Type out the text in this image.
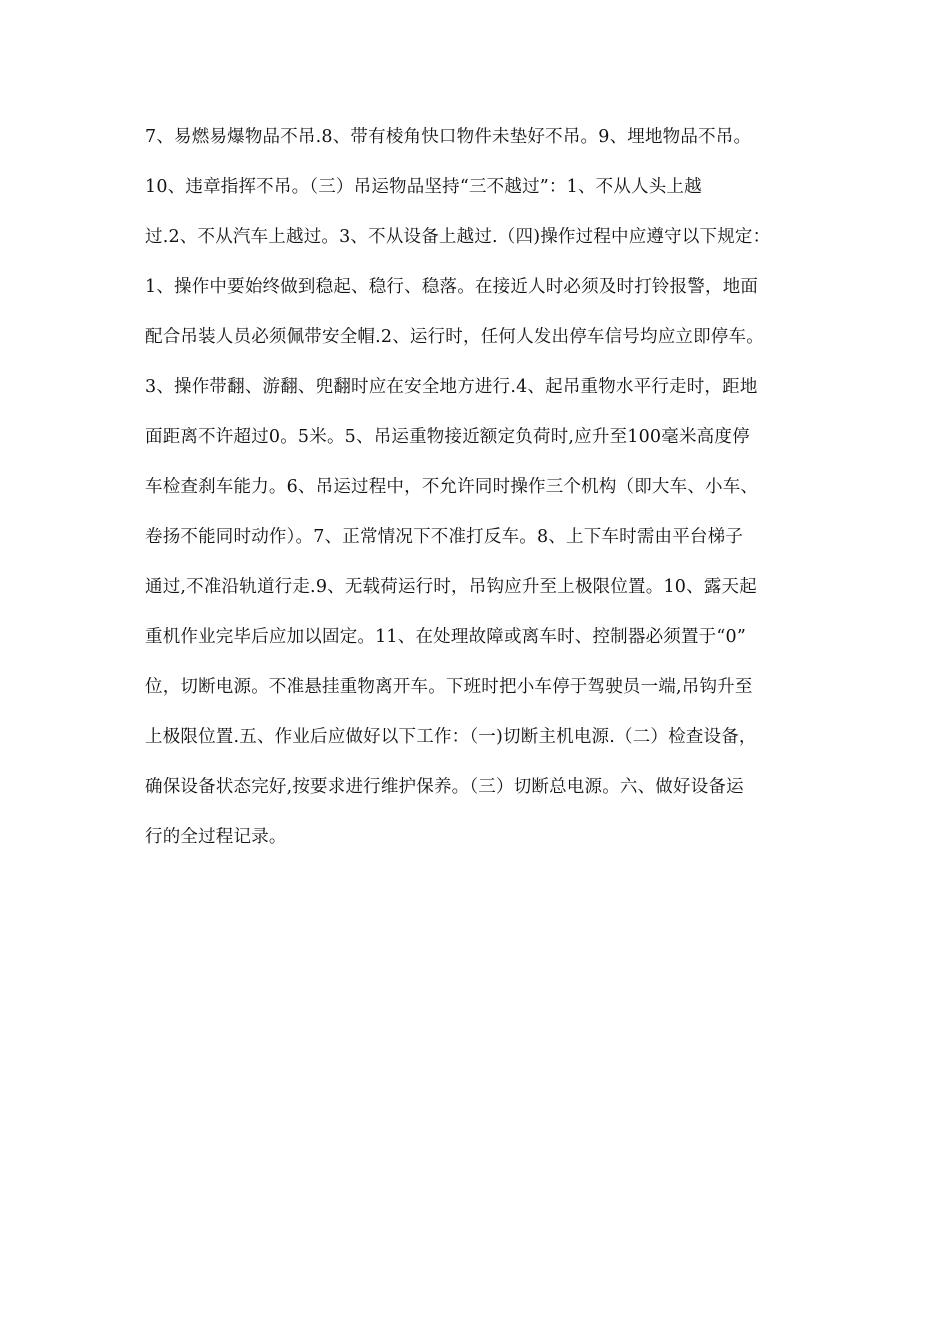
7、易燃易爆物品不吊.8、带有棱角快口物件未垫好不吊。9、埋地物品不吊。
10、违章指挥不吊。（三）吊运物品坚持“三不越过”：1、不从人头上越
过.2、不从汽车上越过。3、不从设备上越过.（四)操作过程中应遵守以下规定：
1、操作中要始终做到稳起、稳行、稳落。在接近人时必须及时打铃报警，地面
配合吊装人员必须佩带安全帽.2、运行时，任何人发出停车信号均应立即停车。
3、操作带翻、游翻、兜翻时应在安全地方进行.4、起吊重物水平行走时，距地
面距离不许超过0。5米。5、吊运重物接近额定负荷时,应升至100毫米高度停
车检查刹车能力。6、吊运过程中，不允许同时操作三个机构（即大车、小车、
卷扬不能同时动作）。7、正常情况下不准打反车。8、上下车时需由平台梯子
通过,不准沿轨道行走.9、无载荷运行时，吊钩应升至上极限位置。10、露天起
重机作业完毕后应加以固定。11、在处理故障或离车时、控制器必须置于“0”
位，切断电源。不准悬挂重物离开车。下班时把小车停于驾驶员一端,吊钩升至
上极限位置.五、作业后应做好以下工作：（一)切断主机电源.（二）检查设备，
确保设备状态完好,按要求进行维护保养。（三）切断总电源。六、做好设备运
行的全过程记录。
